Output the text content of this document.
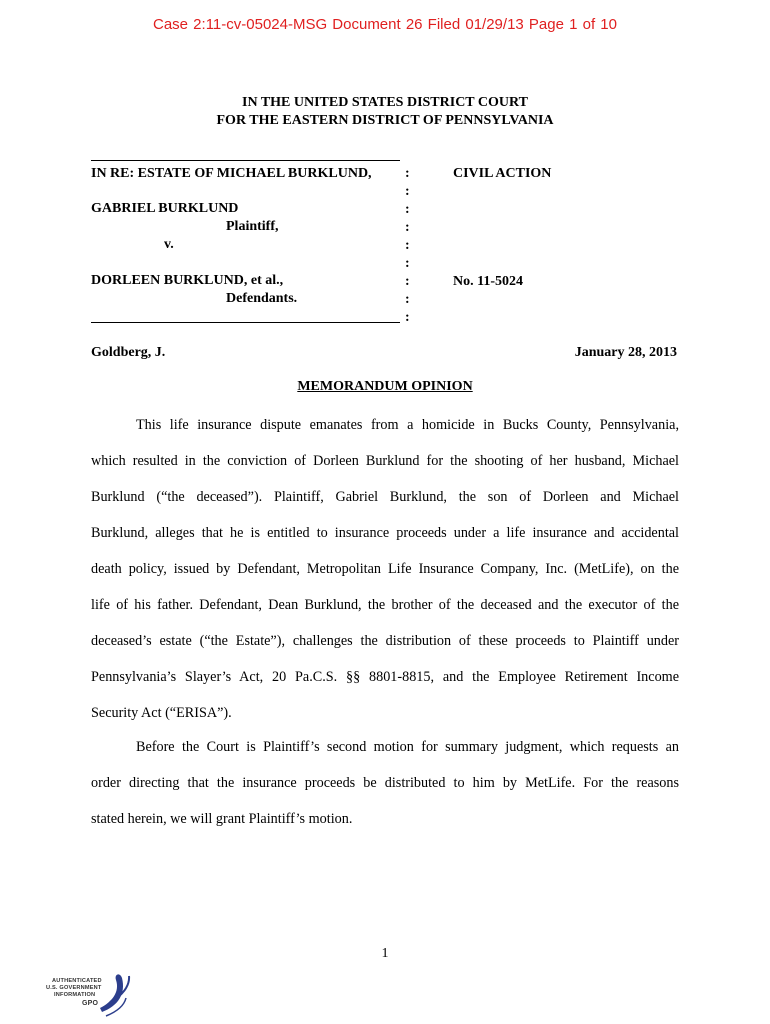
Case 2:11-cv-05024-MSG Document 26 Filed 01/29/13 Page 1 of 10
IN THE UNITED STATES DISTRICT COURT
FOR THE EASTERN DISTRICT OF PENNSYLVANIA
IN RE: ESTATE OF MICHAEL BURKLUND,
GABRIEL BURKLUND
Plaintiff,
v.
DORLEEN BURKLUND, et al.,
Defendants.
:
:
:
:
:
:
:
:
:
CIVIL ACTION
No. 11-5024
Goldberg, J.	January 28, 2013
MEMORANDUM OPINION
This life insurance dispute emanates from a homicide in Bucks County, Pennsylvania,
which resulted in the conviction of Dorleen Burklund for the shooting of her husband, Michael
Burklund (“the deceased”). Plaintiff, Gabriel Burklund, the son of Dorleen and Michael
Burklund, alleges that he is entitled to insurance proceeds under a life insurance and accidental
death policy, issued by Defendant, Metropolitan Life Insurance Company, Inc. (MetLife), on the
life of his father. Defendant, Dean Burklund, the brother of the deceased and the executor of the
deceased’s estate (“the Estate”), challenges the distribution of these proceeds to Plaintiff under
Pennsylvania’s Slayer’s Act, 20 Pa.C.S. §§ 8801-8815, and the Employee Retirement Income
Security Act (“ERISA”).
Before the Court is Plaintiff’s second motion for summary judgment, which requests an
order directing that the insurance proceeds be distributed to him by MetLife. For the reasons
stated herein, we will grant Plaintiff’s motion.
1
AUTHENTICATED
U.S. GOVERNMENT
INFORMATION
GPO
